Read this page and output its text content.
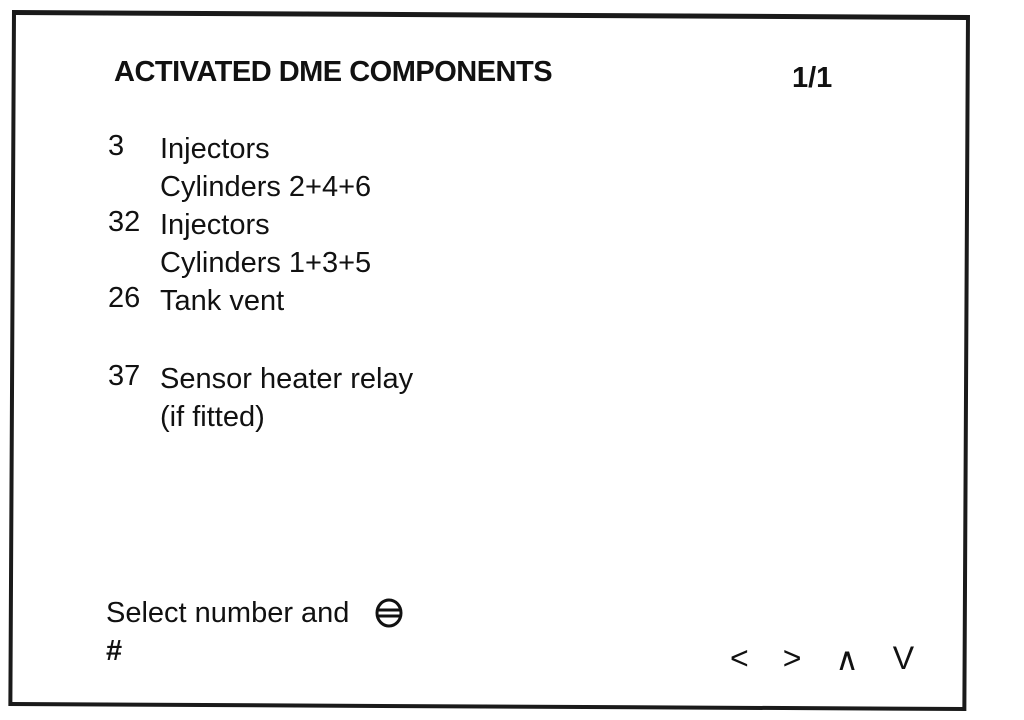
ACTIVATED DME COMPONENTS	1/1
3	Injectors
Cylinders 2+4+6
32 Injectors
Cylinders 1+3+5
26 Tank vent
37 Sensor heater relay
(if fitted)
Select number and
#	< > ∧ V
